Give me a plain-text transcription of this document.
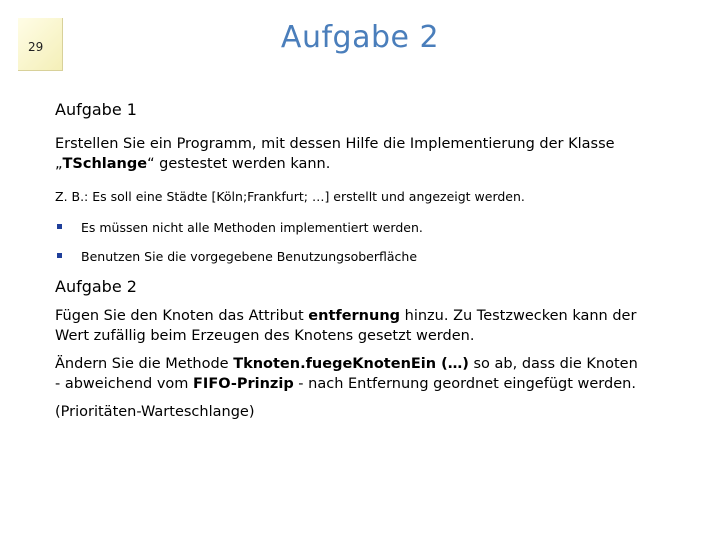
29	Aufgabe 2

Aufgabe 1

Erstellen Sie ein Programm, mit dessen Hilfe die Implementierung der Klasse
„TSchlange“ gestestet werden kann.

Z. B.: Es soll eine Städte [Köln;Frankfurt; …] erstellt und angezeigt werden.

Es müssen nicht alle Methoden implementiert werden.
Benutzen Sie die vorgegebene Benutzungsoberfläche

Aufgabe 2

Fügen Sie den Knoten das Attribut entfernung hinzu. Zu Testzwecken kann der
Wert zufällig beim Erzeugen des Knotens gesetzt werden.

Ändern Sie die Methode Tknoten.fuegeKnotenEin (…) so ab, dass die Knoten
- abweichend vom FIFO-Prinzip - nach Entfernung geordnet eingefügt werden.

(Prioritäten-Warteschlange)
